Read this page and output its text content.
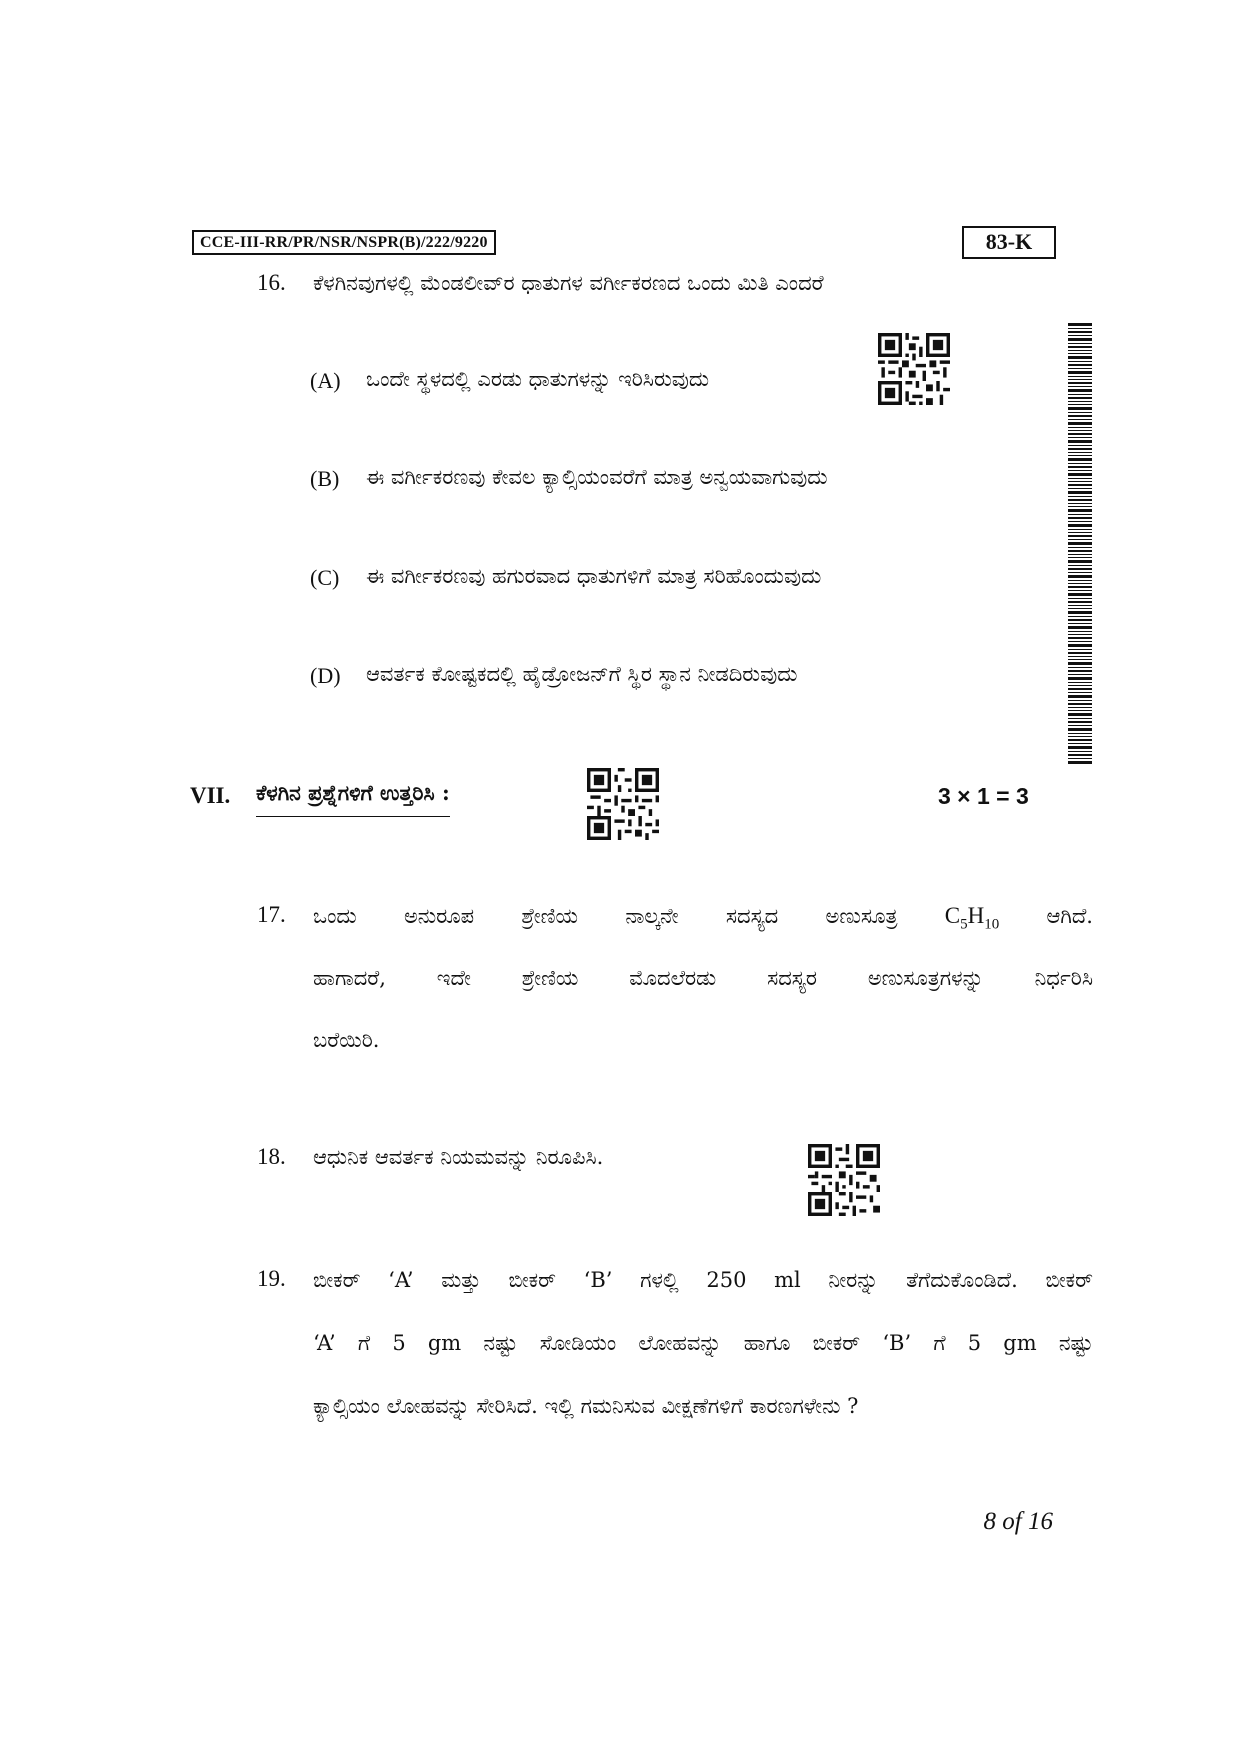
CCE-III-RR/PR/NSR/NSPR(B)/222/9220	83-K
16. ಕೆಳಗಿನವುಗಳಲ್ಲಿ ಮೆಂಡಲೀವ್‌ರ ಧಾತುಗಳ ವರ್ಗೀಕರಣದ ಒಂದು ಮಿತಿ ಎಂದರೆ
(A) ಒಂದೇ ಸ್ಥಳದಲ್ಲಿ ಎರಡು ಧಾತುಗಳನ್ನು ಇರಿಸಿರುವುದು
(B) ಈ ವರ್ಗೀಕರಣವು ಕೇವಲ ಕ್ಯಾಲ್ಸಿಯಂವರೆಗೆ ಮಾತ್ರ ಅನ್ವಯವಾಗುವುದು
(C) ಈ ವರ್ಗೀಕರಣವು ಹಗುರವಾದ ಧಾತುಗಳಿಗೆ ಮಾತ್ರ ಸರಿಹೊಂದುವುದು
(D) ಆವರ್ತಕ ಕೋಷ್ಟಕದಲ್ಲಿ ಹೈಡ್ರೋಜನ್‌ಗೆ ಸ್ಥಿರ ಸ್ಥಾನ ನೀಡದಿರುವುದು
VII. ಕೆಳಗಿನ ಪ್ರಶ್ನೆಗಳಿಗೆ ಉತ್ತರಿಸಿ :	3 × 1 = 3
17. ಒಂದು ಅನುರೂಪ ಶ್ರೇಣಿಯ ನಾಲ್ಕನೇ ಸದಸ್ಯದ ಅಣುಸೂತ್ರ $C_5H_{10}$ ಆಗಿದೆ.
ಹಾಗಾದರೆ, ಇದೇ ಶ್ರೇಣಿಯ ಮೊದಲೆರಡು ಸದಸ್ಯರ ಅಣುಸೂತ್ರಗಳನ್ನು ನಿರ್ಧರಿಸಿ
ಬರೆಯಿರಿ.
18. ಆಧುನಿಕ ಆವರ್ತಕ ನಿಯಮವನ್ನು ನಿರೂಪಿಸಿ.
19. ಬೀಕರ್ ‘A’ ಮತ್ತು ಬೀಕರ್ ‘B’ ಗಳಲ್ಲಿ 250 ml ನೀರನ್ನು ತೆಗೆದುಕೊಂಡಿದೆ. ಬೀಕರ್
‘A’ ಗೆ 5 gm ನಷ್ಟು ಸೋಡಿಯಂ ಲೋಹವನ್ನು ಹಾಗೂ ಬೀಕರ್ ‘B’ ಗೆ 5 gm ನಷ್ಟು
ಕ್ಯಾಲ್ಸಿಯಂ ಲೋಹವನ್ನು ಸೇರಿಸಿದೆ. ಇಲ್ಲಿ ಗಮನಿಸುವ ವೀಕ್ಷಣೆಗಳಿಗೆ ಕಾರಣಗಳೇನು ?
8 of 16
